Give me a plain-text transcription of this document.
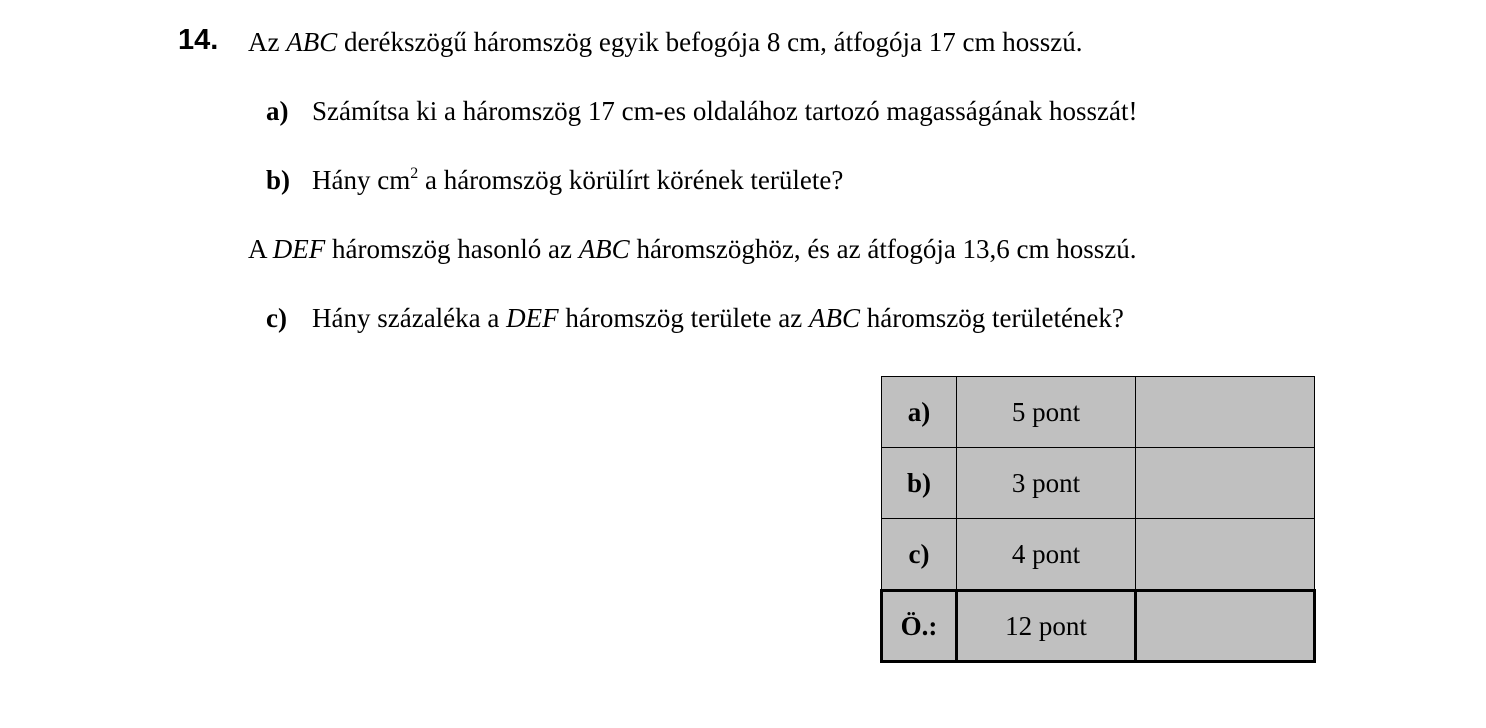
14. Az ABC derékszögű háromszög egyik befogója 8 cm, átfogója 17 cm hosszú.
a) Számítsa ki a háromszög 17 cm-es oldalához tartozó magasságának hosszát!
b) Hány $cm^2$ a háromszög körülírt körének területe?
A DEF háromszög hasonló az ABC háromszöghöz, és az átfogója 13,6 cm hosszú.
c) Hány százaléka a DEF háromszög területe az ABC háromszög területének?
a)	5 pont	
b)	3 pont	
c)	4 pont	
Ö.:	12 pont	
